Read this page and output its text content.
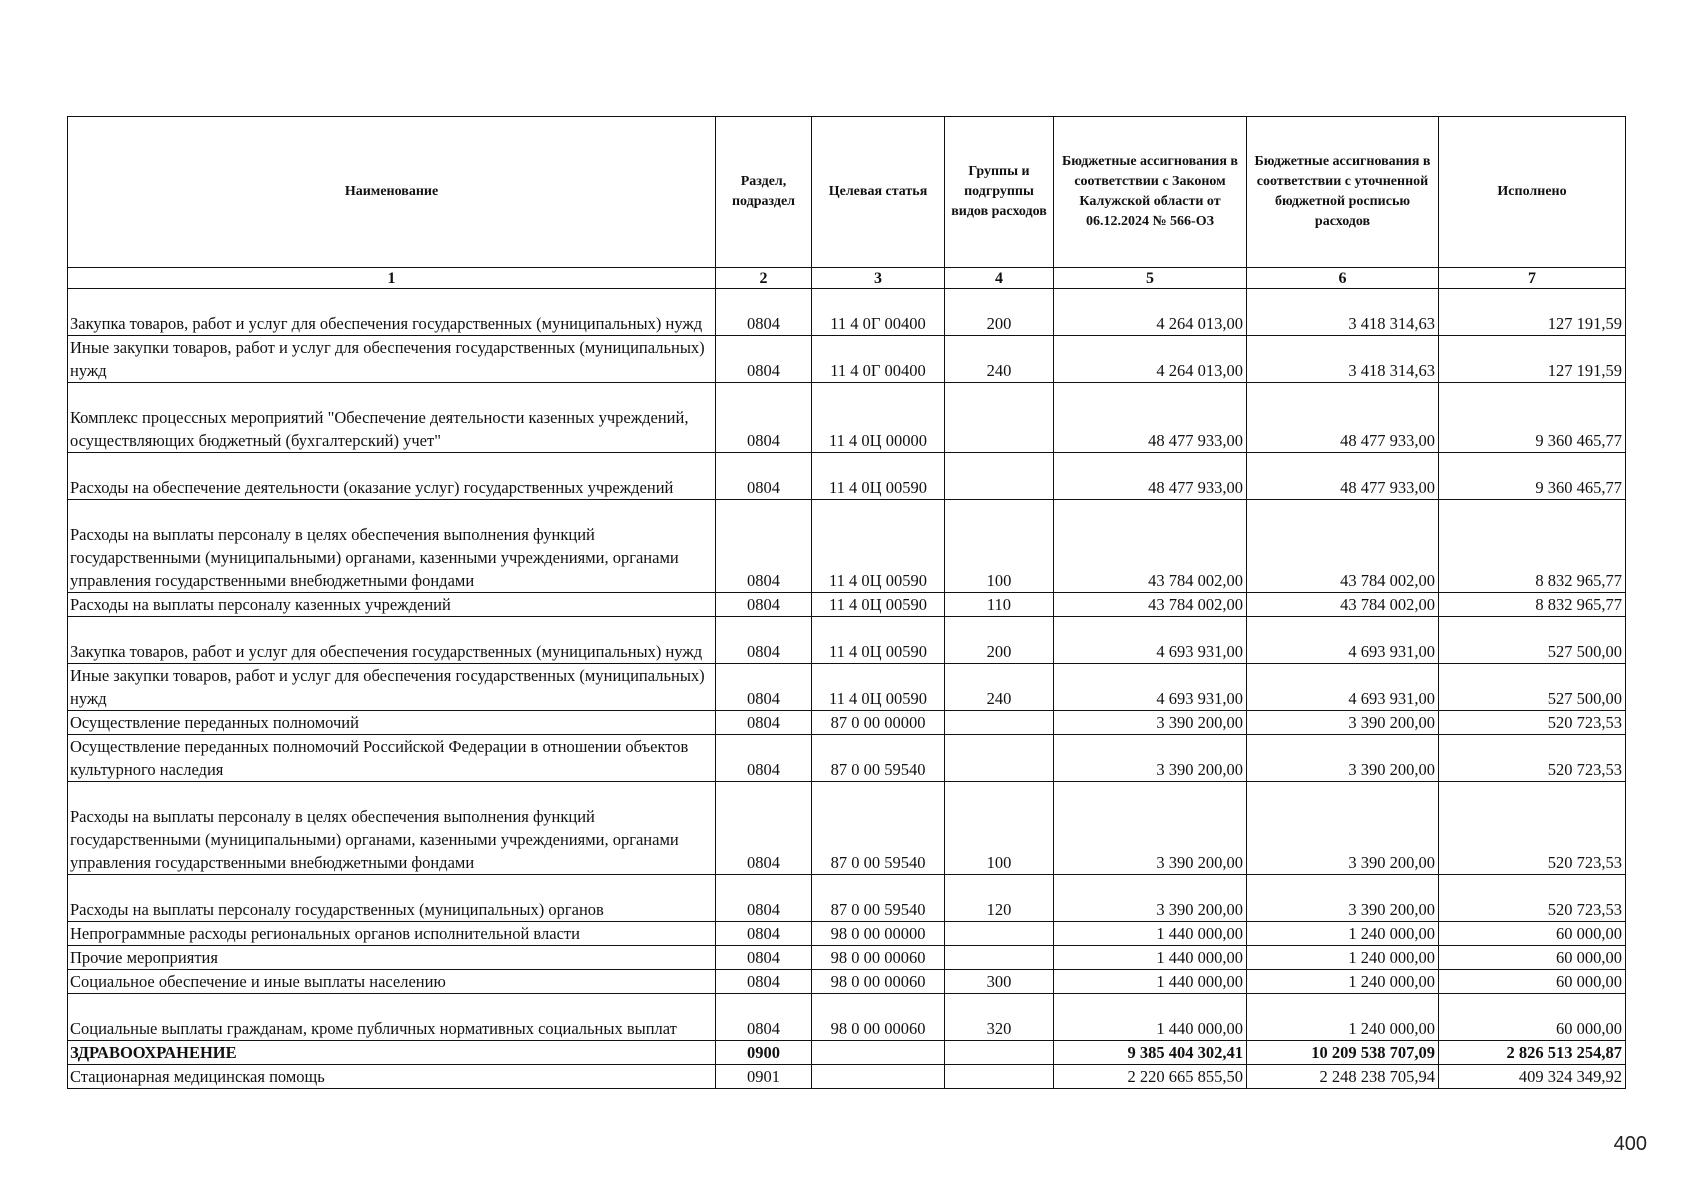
Наименование	Раздел, подраздел	Целевая статья	Группы и подгруппы видов расходов	Бюджетные ассигнования в соответствии с Законом Калужской области от 06.12.2024 № 566-ОЗ	Бюджетные ассигнования в соответствии с уточненной бюджетной росписью расходов	Исполнено
1	2	3	4	5	6	7
Закупка товаров, работ и услуг для обеспечения государственных (муниципальных) нужд	0804	11 4 0Г 00400	200	4 264 013,00	3 418 314,63	127 191,59
Иные закупки товаров, работ и услуг для обеспечения государственных (муниципальных) нужд	0804	11 4 0Г 00400	240	4 264 013,00	3 418 314,63	127 191,59
Комплекс процессных мероприятий "Обеспечение деятельности казенных учреждений, осуществляющих бюджетный (бухгалтерский) учет"	0804	11 4 0Ц 00000		48 477 933,00	48 477 933,00	9 360 465,77
Расходы на обеспечение деятельности (оказание услуг) государственных учреждений	0804	11 4 0Ц 00590		48 477 933,00	48 477 933,00	9 360 465,77
Расходы на выплаты персоналу в целях обеспечения выполнения функций государственными (муниципальными) органами, казенными учреждениями, органами управления государственными внебюджетными фондами	0804	11 4 0Ц 00590	100	43 784 002,00	43 784 002,00	8 832 965,77
Расходы на выплаты персоналу казенных учреждений	0804	11 4 0Ц 00590	110	43 784 002,00	43 784 002,00	8 832 965,77
Закупка товаров, работ и услуг для обеспечения государственных (муниципальных) нужд	0804	11 4 0Ц 00590	200	4 693 931,00	4 693 931,00	527 500,00
Иные закупки товаров, работ и услуг для обеспечения государственных (муниципальных) нужд	0804	11 4 0Ц 00590	240	4 693 931,00	4 693 931,00	527 500,00
Осуществление переданных полномочий	0804	87 0 00 00000		3 390 200,00	3 390 200,00	520 723,53
Осуществление переданных полномочий Российской Федерации в отношении объектов культурного наследия	0804	87 0 00 59540		3 390 200,00	3 390 200,00	520 723,53
Расходы на выплаты персоналу в целях обеспечения выполнения функций государственными (муниципальными) органами, казенными учреждениями, органами управления государственными внебюджетными фондами	0804	87 0 00 59540	100	3 390 200,00	3 390 200,00	520 723,53
Расходы на выплаты персоналу государственных (муниципальных) органов	0804	87 0 00 59540	120	3 390 200,00	3 390 200,00	520 723,53
Непрограммные расходы региональных органов исполнительной власти	0804	98 0 00 00000		1 440 000,00	1 240 000,00	60 000,00
Прочие мероприятия	0804	98 0 00 00060		1 440 000,00	1 240 000,00	60 000,00
Социальное обеспечение и иные выплаты населению	0804	98 0 00 00060	300	1 440 000,00	1 240 000,00	60 000,00
Социальные выплаты гражданам, кроме публичных нормативных социальных выплат	0804	98 0 00 00060	320	1 440 000,00	1 240 000,00	60 000,00
ЗДРАВООХРАНЕНИЕ	0900			9 385 404 302,41	10 209 538 707,09	2 826 513 254,87
Стационарная медицинская помощь	0901			2 220 665 855,50	2 248 238 705,94	409 324 349,92
400
